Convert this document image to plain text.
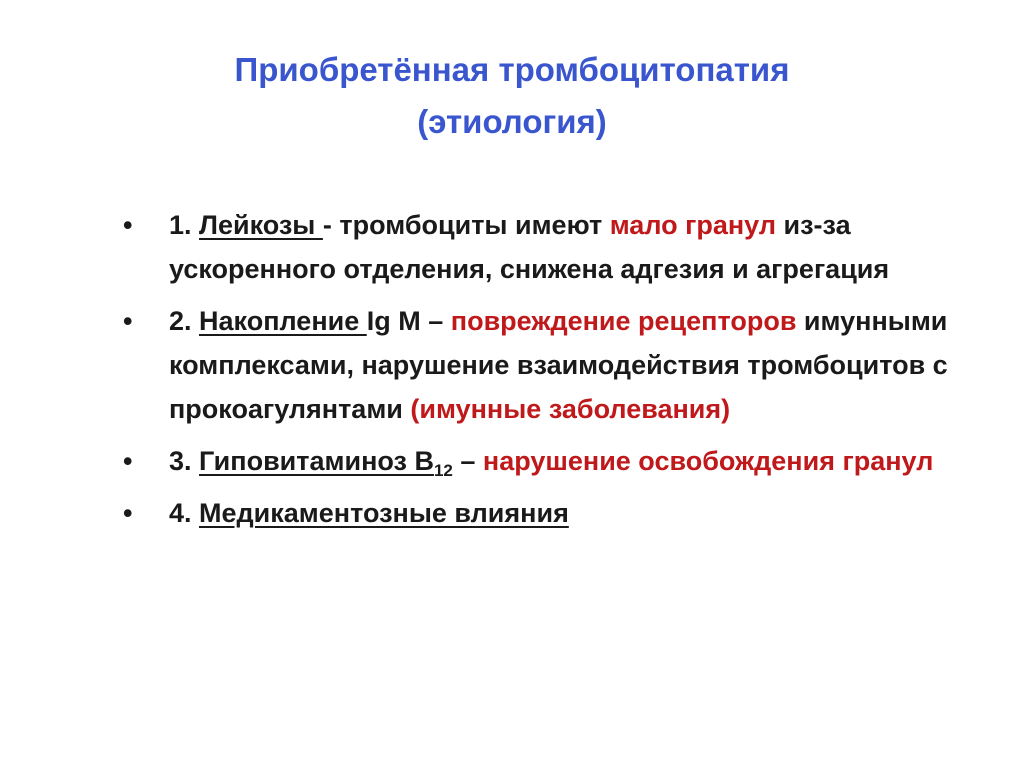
Приобретённая тромбоцитопатия
(этиология)
•	1. Лейкозы - тромбоциты имеют мало гранул из-за ускоренного отделения, снижена адгезия и агрегация
•	2. Накопление Ig M – повреждение рецепторов имунными комплексами, нарушение взаимодействия тромбоцитов с прокоагулянтами (имунные заболевания)
•	3. Гиповитаминоз $В_{12}$ – нарушение освобождения гранул
•	4. Медикаментозные влияния
